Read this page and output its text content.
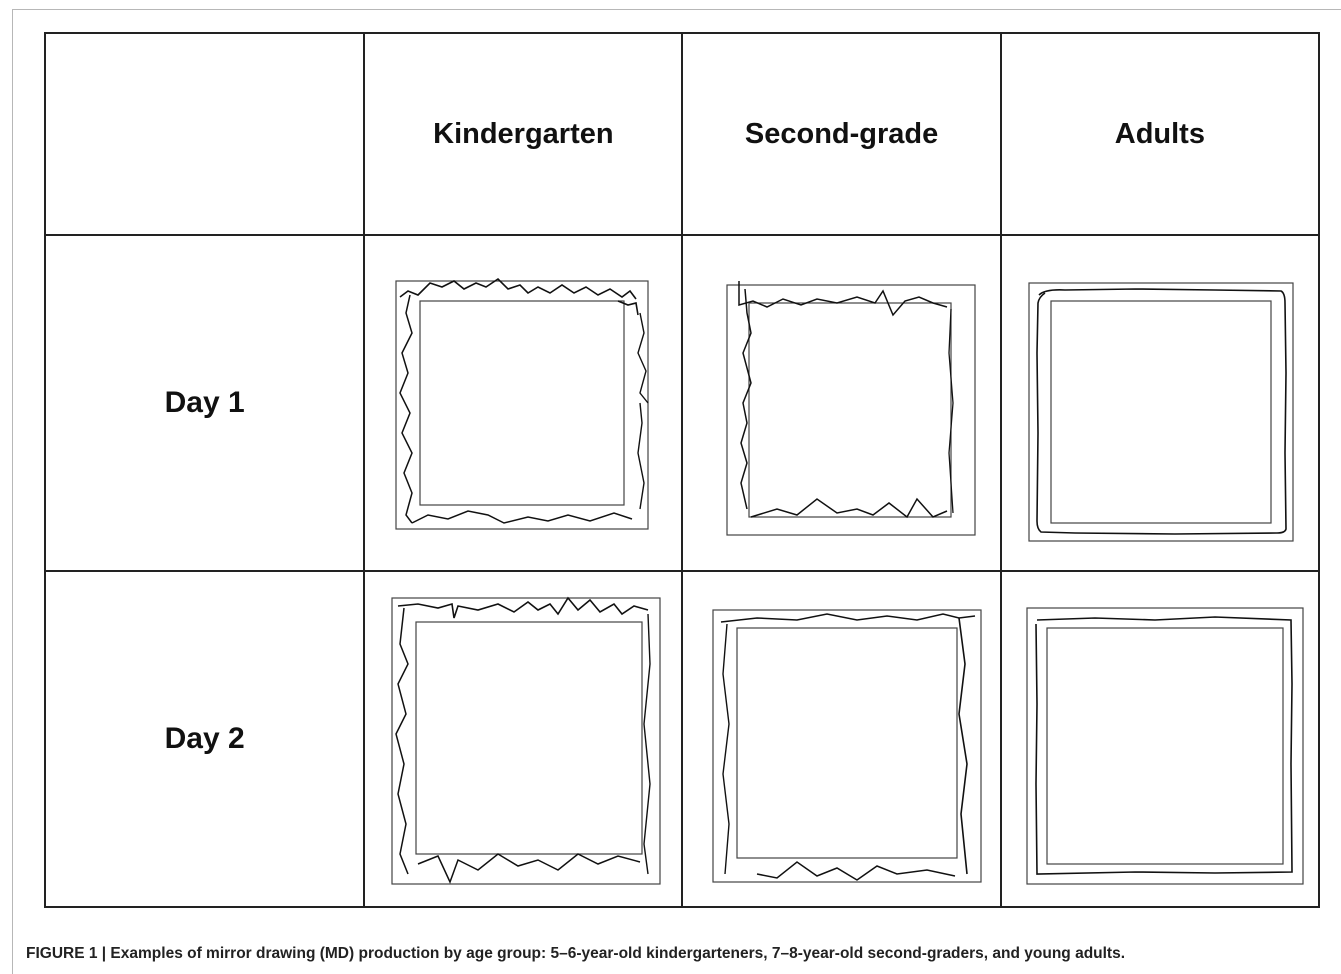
	Kindergarten	Second-grade	Adults
Day 1	

Day 2	

FIGURE 1 | Examples of mirror drawing (MD) production by age group: 5–6-year-old kindergarteners, 7–8-year-old second-graders, and young adults.
